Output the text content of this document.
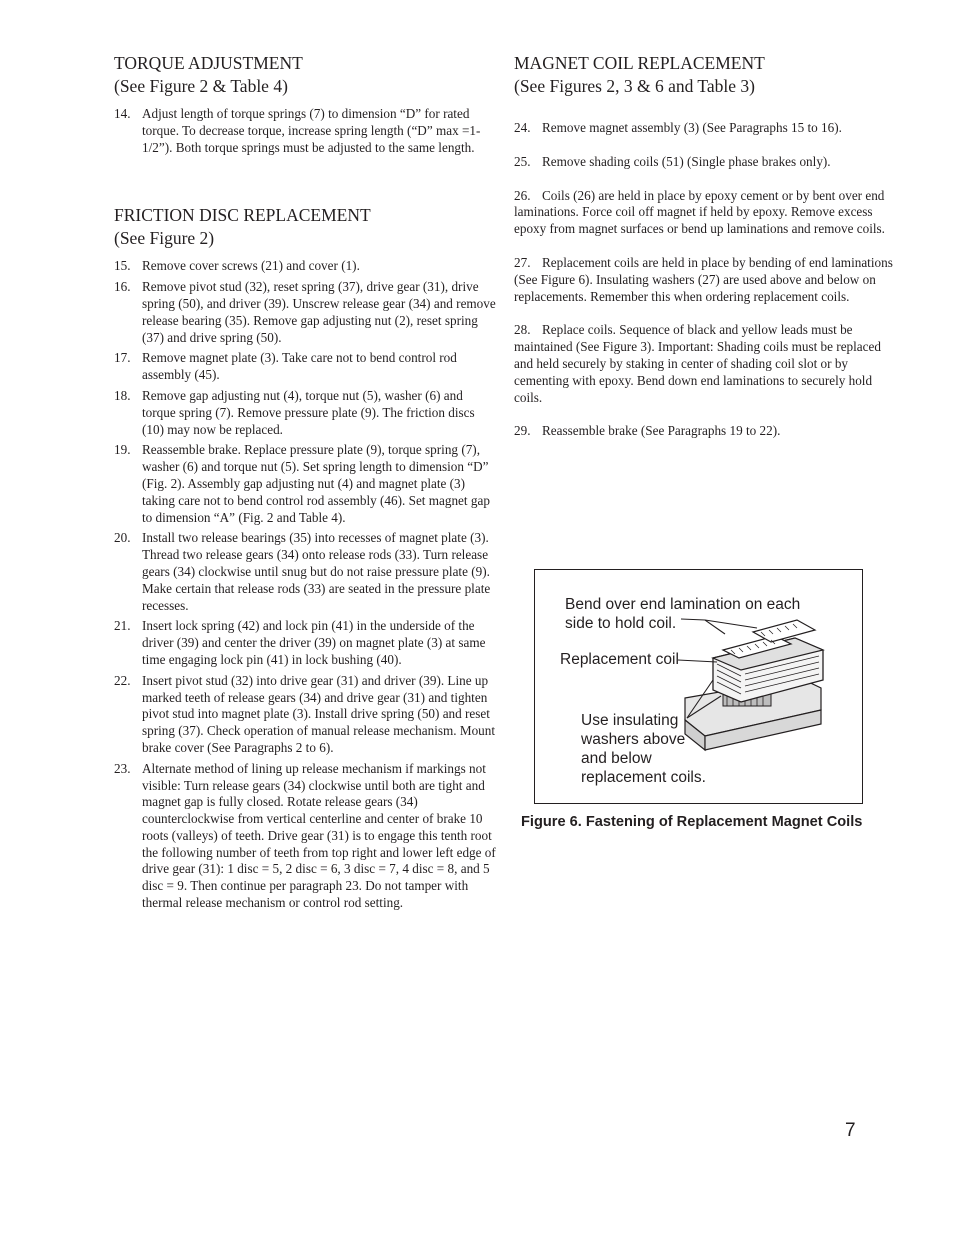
TORQUE ADJUSTMENT
(See Figure 2 & Table 4)
14. Adjust length of torque springs (7) to dimension “D” for rated torque. To decrease torque, increase spring length (“D” max =1-1/2”). Both torque springs must be adjusted to the same length.
FRICTION DISC REPLACEMENT
(See Figure 2)
15. Remove cover screws (21) and cover (1).
16. Remove pivot stud (32), reset spring (37), drive gear (31), drive spring (50), and driver (39). Unscrew release gear (34) and remove release bearing (35). Remove gap adjusting nut (2), reset spring (37) and drive spring (50).
17. Remove magnet plate (3). Take care not to bend control rod assembly (45).
18. Remove gap adjusting nut (4), torque nut (5), washer (6) and torque spring (7). Remove pressure plate (9). The friction discs (10) may now be replaced.
19. Reassemble brake. Replace pressure plate (9), torque spring (7), washer (6) and torque nut (5). Set spring length to dimension “D” (Fig. 2). Assembly gap adjusting nut (4) and magnet plate (3) taking care not to bend control rod assembly (46). Set magnet gap to dimension “A” (Fig. 2 and Table 4).
20. Install two release bearings (35) into recesses of magnet plate (3). Thread two release gears (34) onto release rods (33). Turn release gears (34) clockwise until snug but do not raise pressure plate (9). Make certain that release rods (33) are seated in the pressure plate recesses.
21. Insert lock spring (42) and lock pin (41) in the underside of the driver (39) and center the driver (39) on magnet plate (3) at same time engaging lock pin (41) in lock bushing (40).
22. Insert pivot stud (32) into drive gear (31) and driver (39). Line up marked teeth of release gears (34) and drive gear (31) and tighten pivot stud into magnet plate (3). Install drive spring (50) and reset spring (37). Check operation of manual release mechanism. Mount brake cover (See Paragraphs 2 to 6).
23. Alternate method of lining up release mechanism if markings not visible: Turn release gears (34) clockwise until both are tight and magnet gap is fully closed. Rotate release gears (34) counterclockwise from vertical centerline and center of brake 10 roots (valleys) of teeth. Drive gear (31) is to engage this tenth root the following number of teeth from top right and lower left edge of drive gear (31): 1 disc = 5, 2 disc = 6, 3 disc = 7, 4 disc = 8, and 5 disc = 9. Then continue per paragraph 23. Do not tamper with thermal release mechanism or control rod setting.
MAGNET COIL REPLACEMENT
(See Figures 2, 3 & 6 and Table 3)

24. Remove magnet assembly (3) (See Paragraphs 15 to 16).

25. Remove shading coils (51) (Single phase brakes only).

26. Coils (26) are held in place by epoxy cement or by bent over end laminations. Force coil off magnet if held by epoxy. Remove excess epoxy from magnet surfaces or bend up laminations and remove coils.

27. Replacement coils are held in place by bending of end laminations (See Figure 6). Insulating washers (27) are used above and below on replacements. Remember this when ordering replacement coils.

28. Replace coils. Sequence of black and yellow leads must be maintained (See Figure 3). Important: Shading coils must be replaced and held securely by staking in center of shading coil slot or by cementing with epoxy. Bend down end laminations to securely hold coils.

29. Reassemble brake (See Paragraphs 19 to 22).

Bend over end lamination on each
side to hold coil.
Replacement coil
Use insulating
washers above
and below
replacement coils.
Figure 6. Fastening of Replacement Magnet Coils
7
